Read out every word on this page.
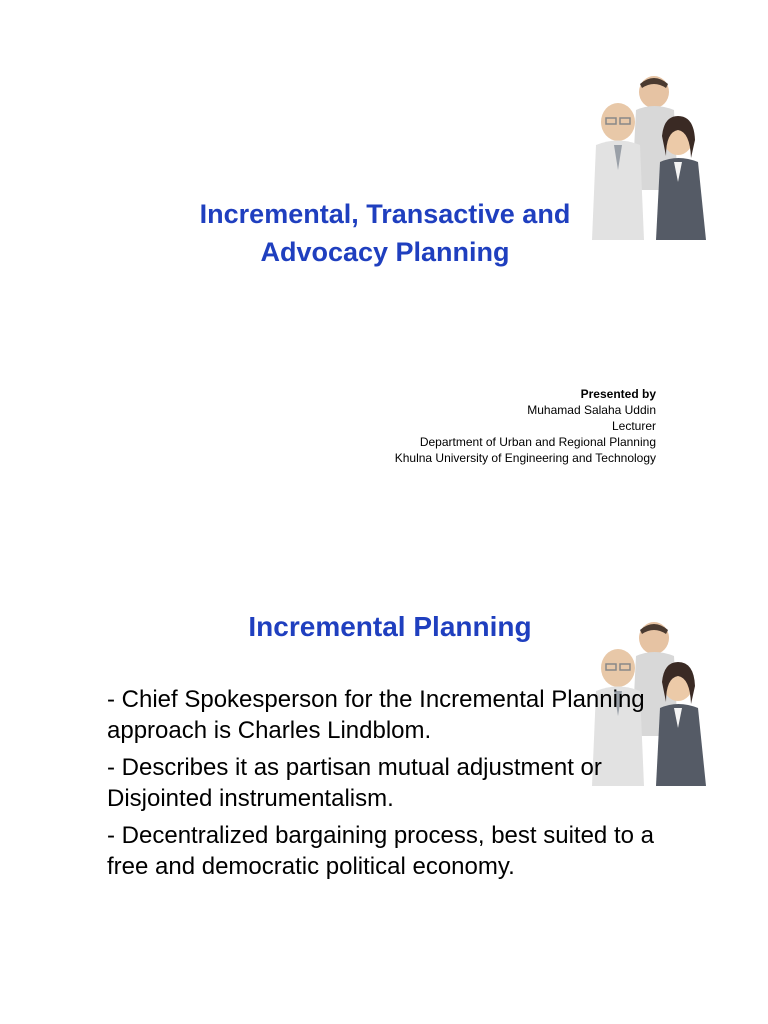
Incremental, Transactive and
Advocacy Planning
Presented by
Muhamad Salaha Uddin
Lecturer
Department of Urban and Regional Planning
Khulna University of Engineering and Technology
Incremental Planning
- Chief Spokesperson for the Incremental Planning approach is Charles Lindblom.
- Describes it as partisan mutual adjustment or Disjointed instrumentalism.
- Decentralized bargaining process, best suited to a free and democratic political economy.
